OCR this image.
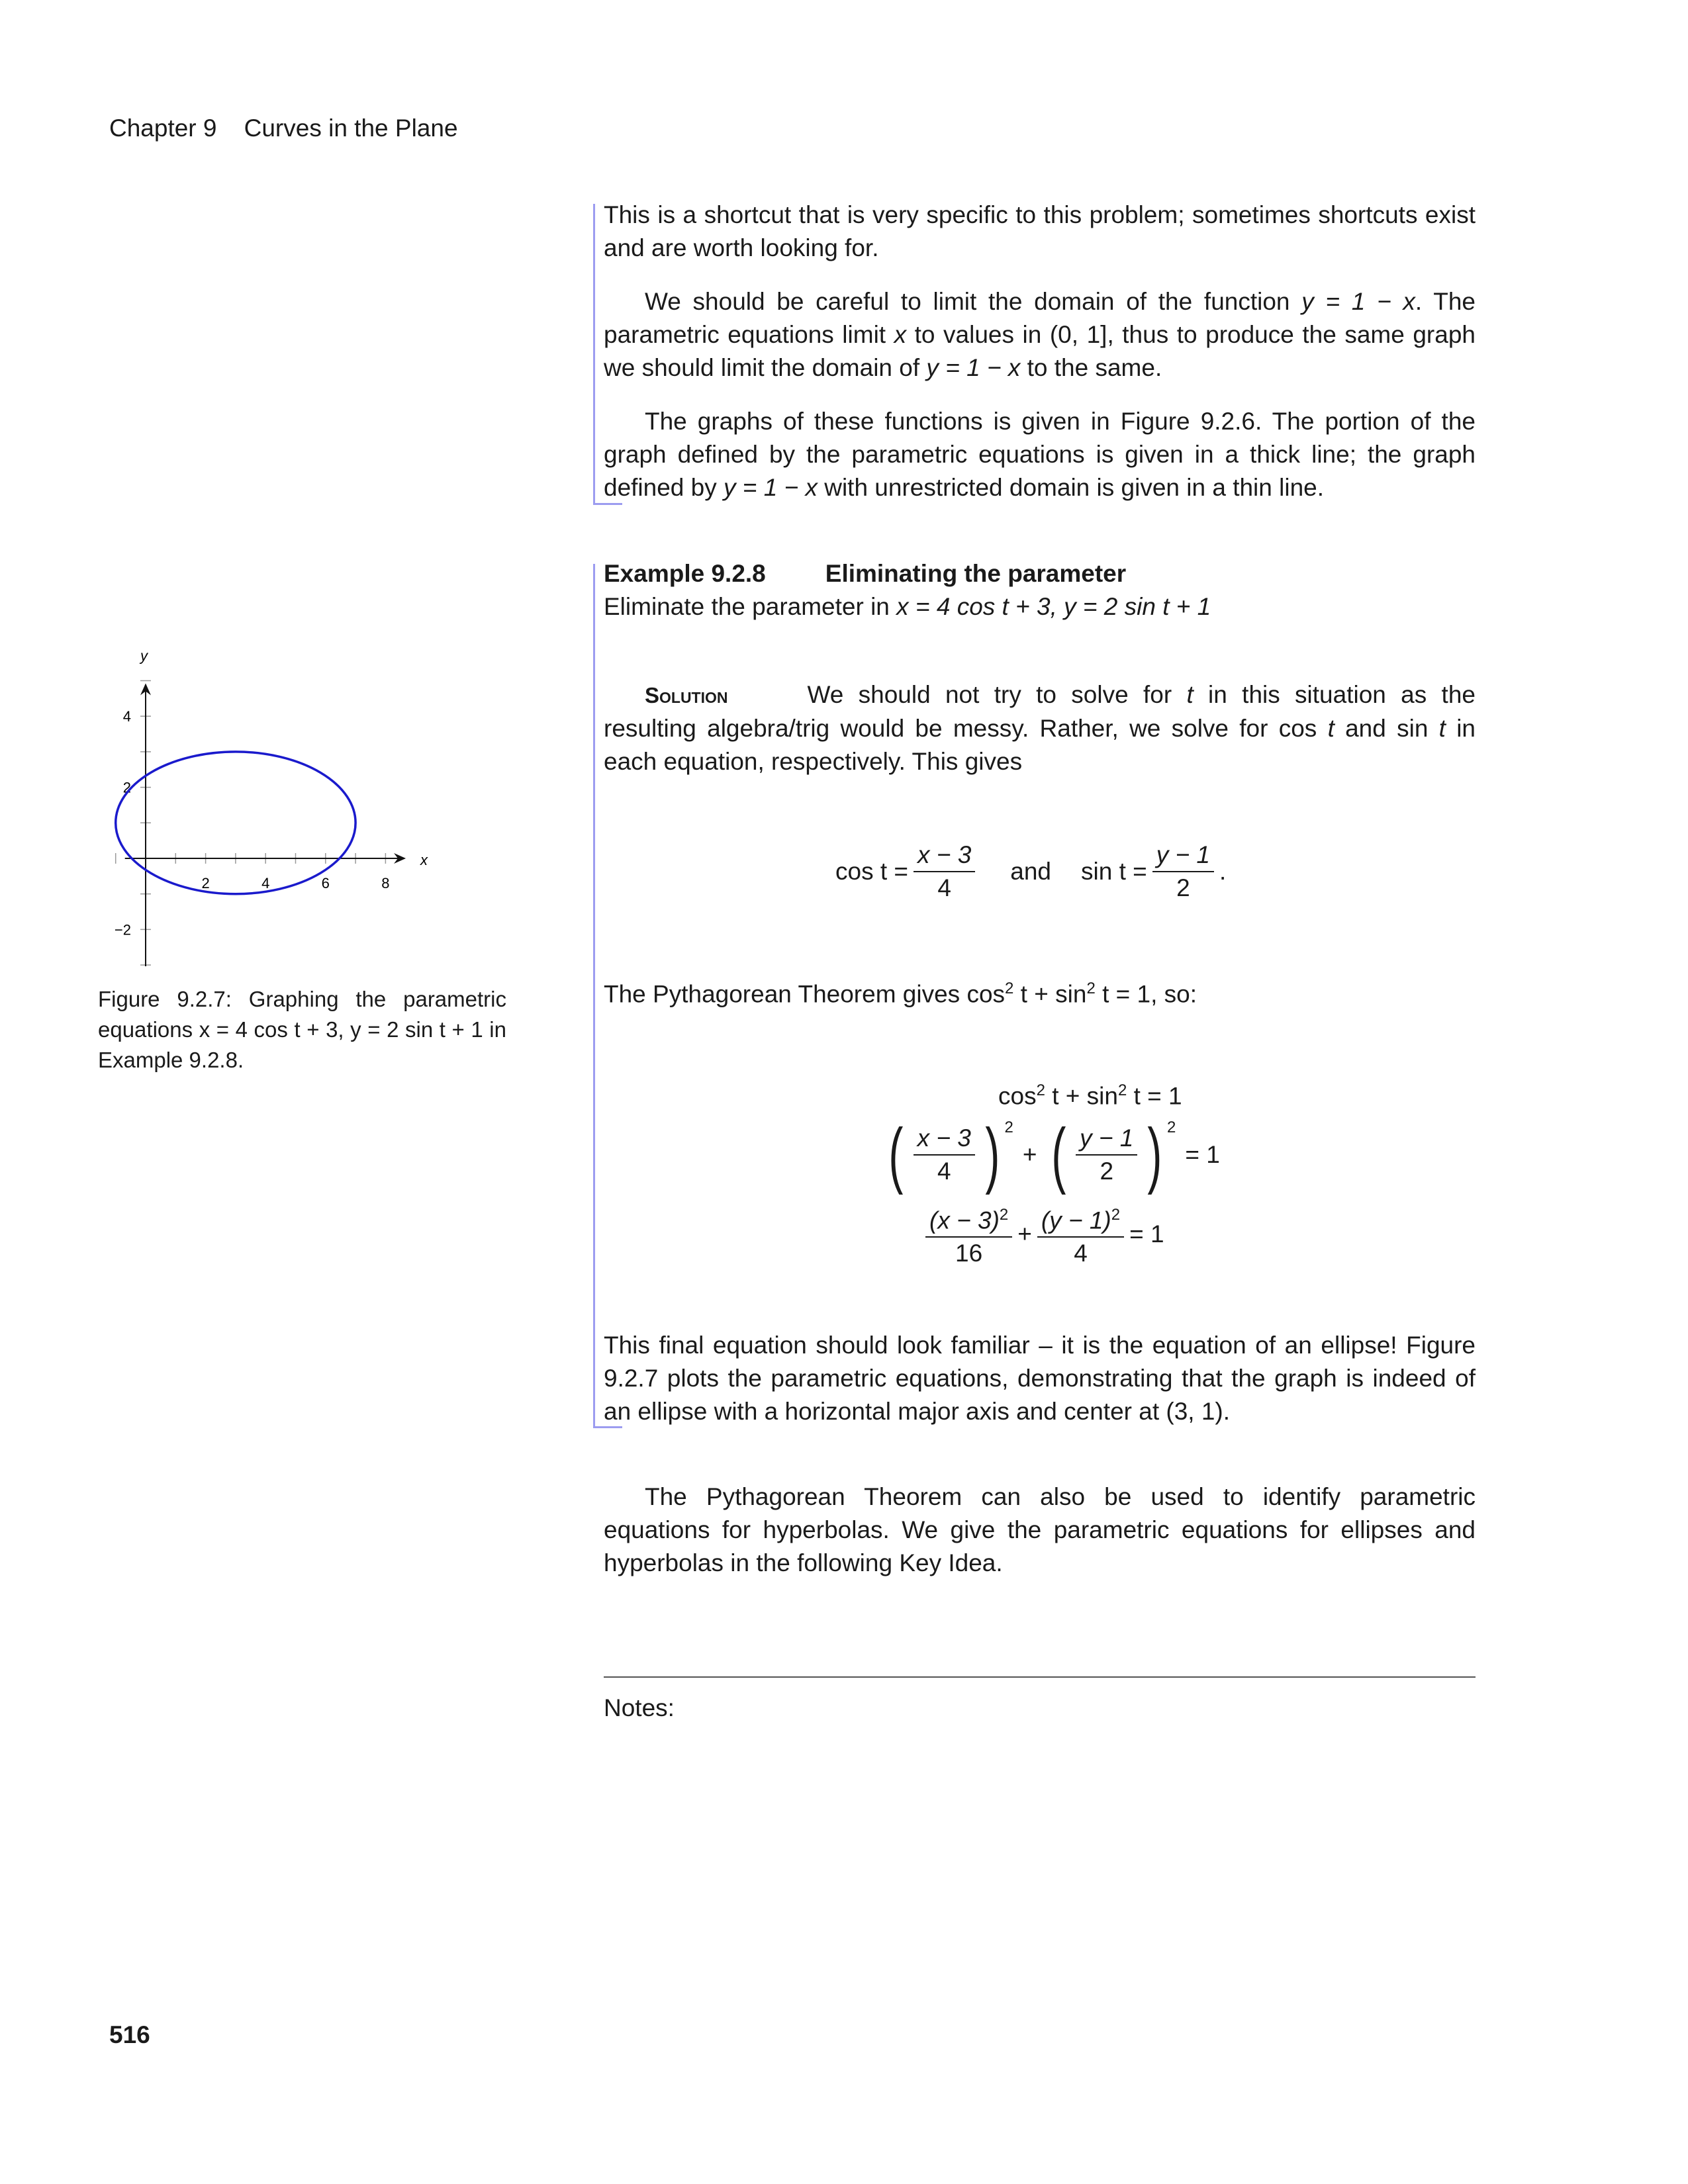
Chapter 9 Curves in the Plane
This is a shortcut that is very specific to this problem; sometimes shortcuts exist and are worth looking for.
We should be careful to limit the domain of the function y = 1 − x. The parametric equations limit x to values in (0, 1], thus to produce the same graph we should limit the domain of y = 1 − x to the same.
The graphs of these functions is given in Figure 9.2.6. The portion of the graph defined by the parametric equations is given in a thick line; the graph defined by y = 1 − x with unrestricted domain is given in a thin line.
Example 9.2.8 Eliminating the parameter
Eliminate the parameter in x = 4 cos t + 3, y = 2 sin t + 1
Solution	We should not try to solve for t in this situation as the resulting algebra/trig would be messy. Rather, we solve for cos t and sin t in each equation, respectively. This gives
$\cos t = \frac{x - 3}{4}$ and $\sin t = \frac{y - 1}{2}$ .
The Pythagorean Theorem gives $\cos^2 t + \sin^2 t = 1$, so:
$\cos^2 t + \sin^2 t = 1$
( $\frac{x - 3}{4}$ ) $^2$
+ ( $\frac{y - 1}{2}$ ) $^2$
= 1
$\frac{(x - 3)^2}{16} + \frac{(y - 1)^2}{4} = 1$
This final equation should look familiar – it is the equation of an ellipse! Figure 9.2.7 plots the parametric equations, demonstrating that the graph is indeed of an ellipse with a horizontal major axis and center at (3, 1).
The Pythagorean Theorem can also be used to identify parametric equations for hyperbolas. We give the parametric equations for ellipses and hyperbolas in the following Key Idea.
Notes:
516
2	4	6	8
−2
2
4
x
y
Figure 9.2.7: Graphing the parametric equations x = 4 cos t + 3, y = 2 sin t + 1 in Example 9.2.8.
